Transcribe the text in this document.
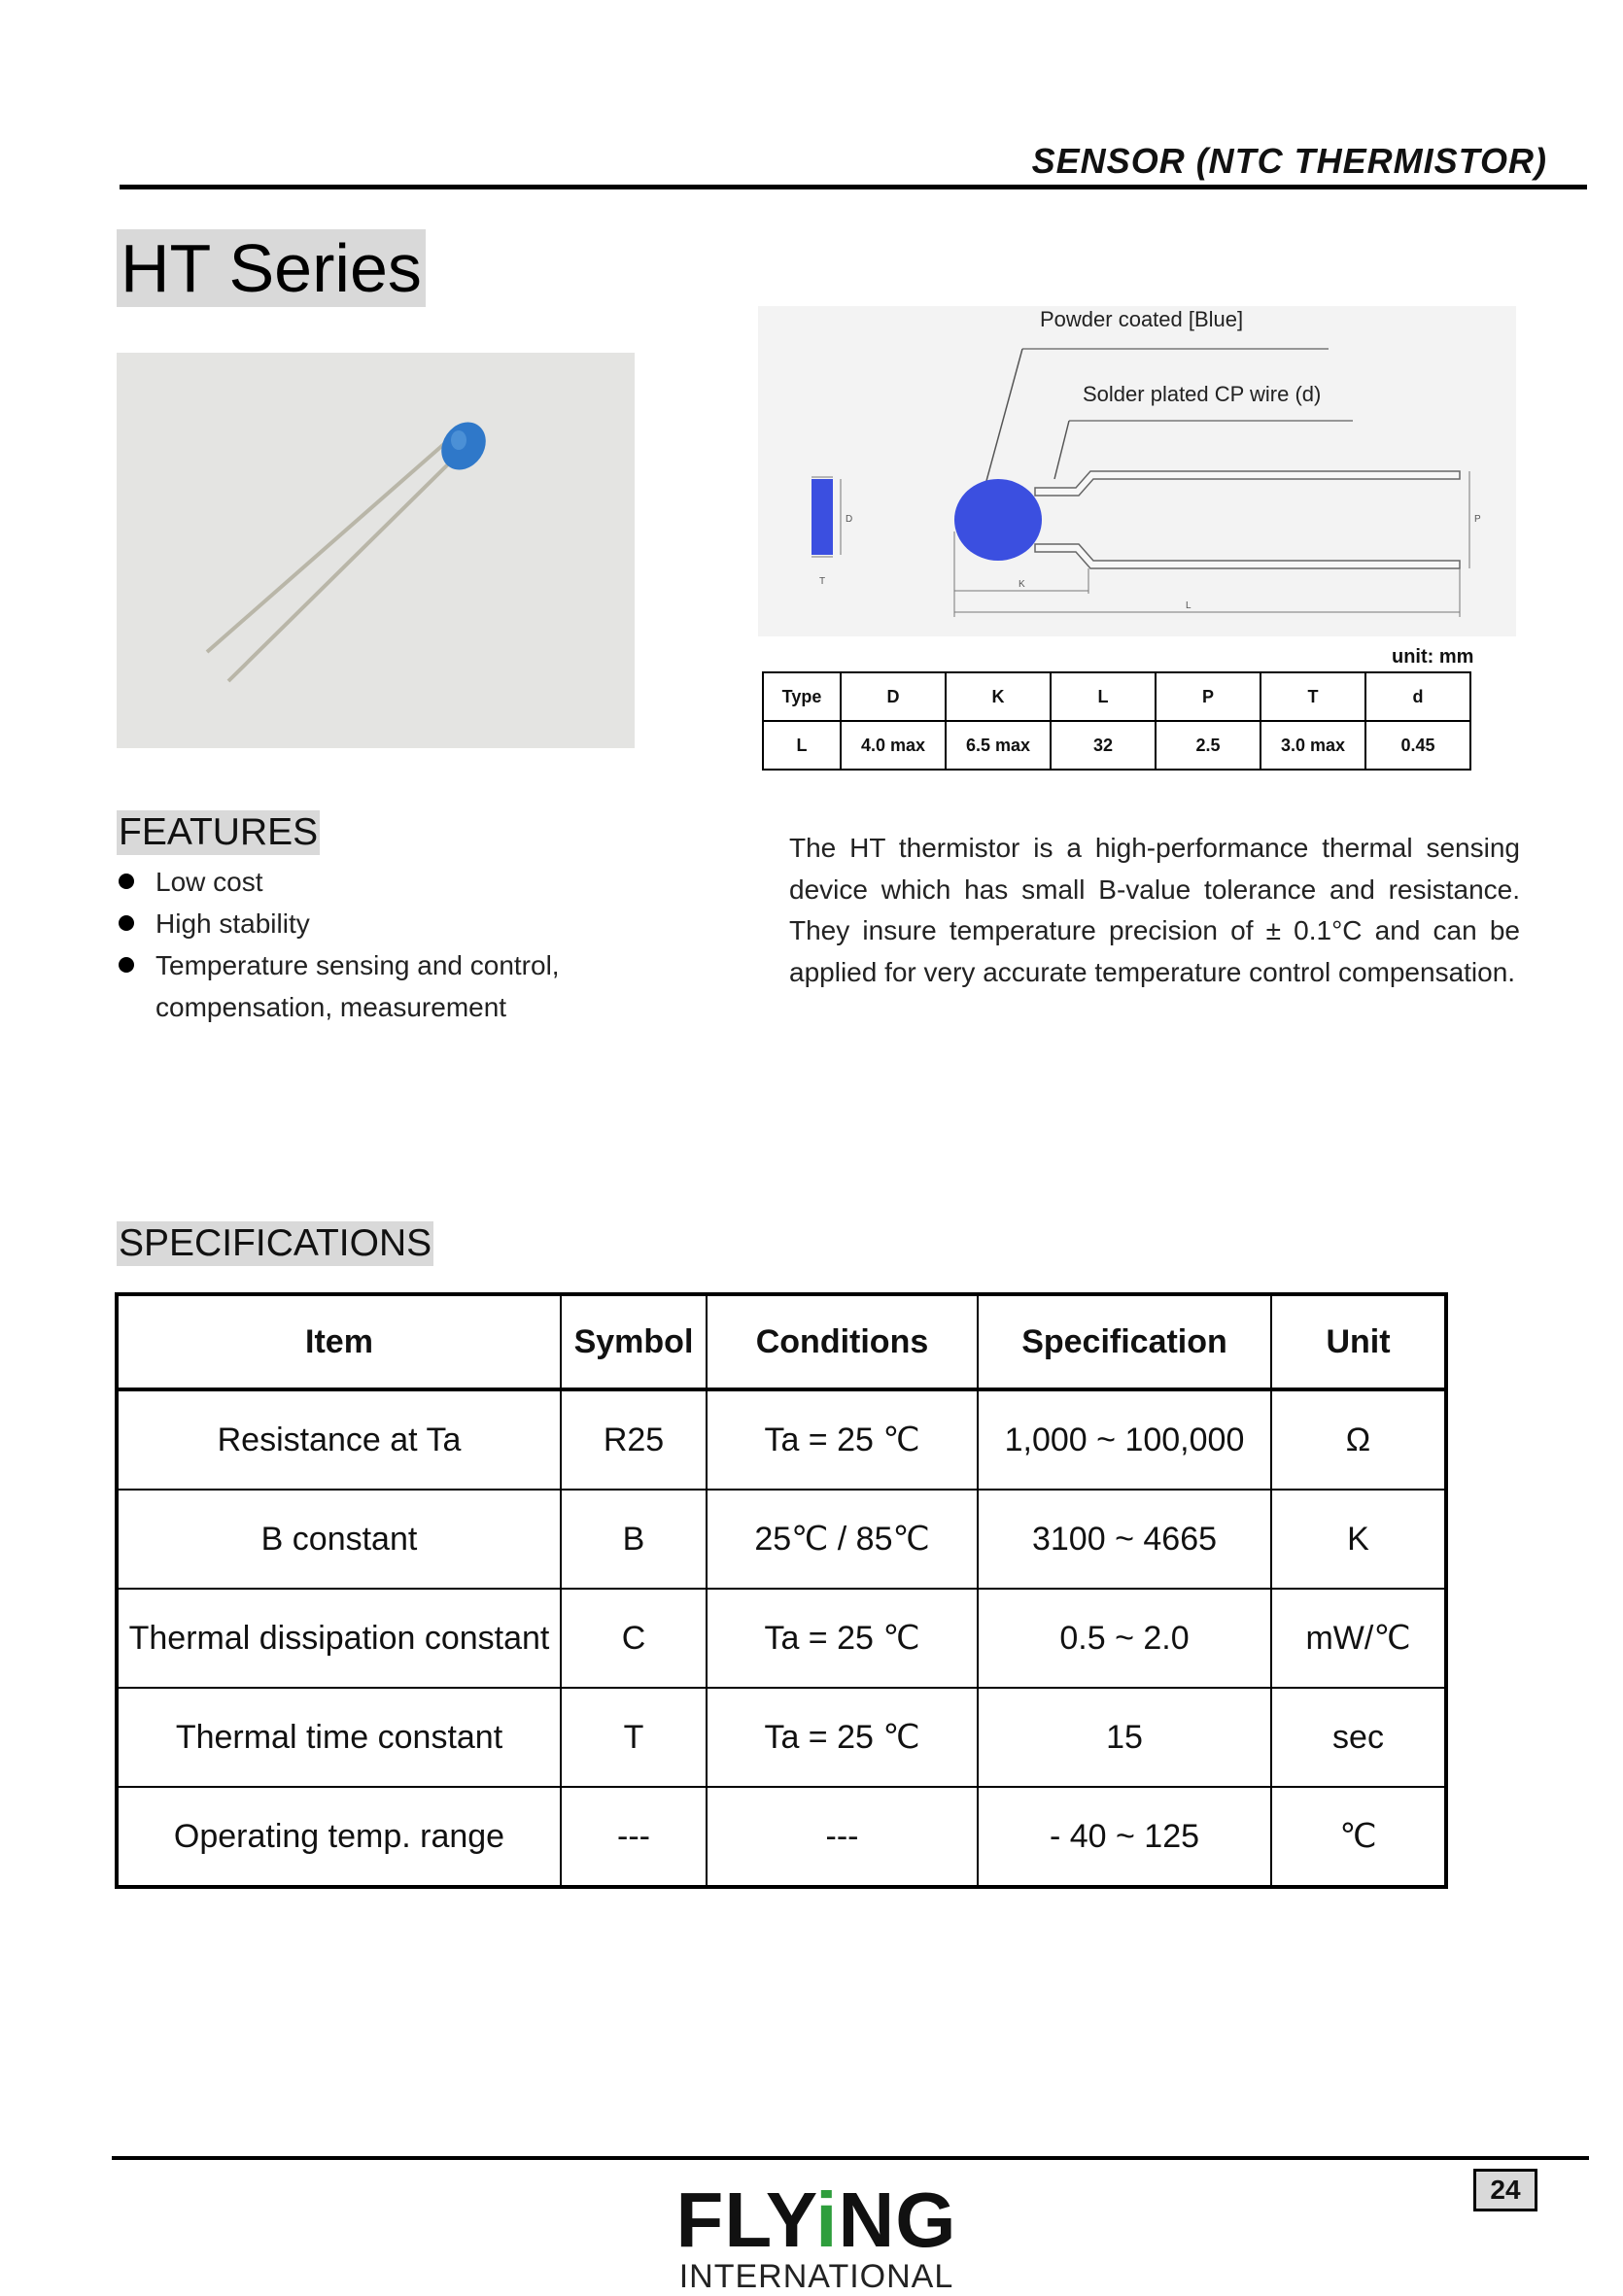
SENSOR (NTC THERMISTOR)
HT Series
Powder coated [Blue]
Solder plated CP wire (d)
D
T
P
K
L
unit: mm
Type	D	K	L	P	T	d
L	4.0 max	6.5 max	32	2.5	3.0 max	0.45
FEATURES
Low cost
High stability
Temperature sensing and control, compensation, measurement
The HT thermistor is a high-performance thermal sensing device which has small B-value tolerance and resistance. They insure temperature precision of ± 0.1°C and can be applied for very accurate temperature control compensation.
SPECIFICATIONS
Item	Symbol	Conditions	Specification	Unit
Resistance at Ta	R25	Ta = 25 ℃	1,000 ~ 100,000	Ω
B constant	B	25℃ / 85℃	3100 ~ 4665	K
Thermal dissipation constant	C	Ta = 25 ℃	0.5 ~ 2.0	mW/℃
Thermal time constant	T	Ta = 25 ℃	15	sec
Operating temp. range	---	---	- 40 ~ 125	℃
24
FLYiNG
INTERNATIONAL
